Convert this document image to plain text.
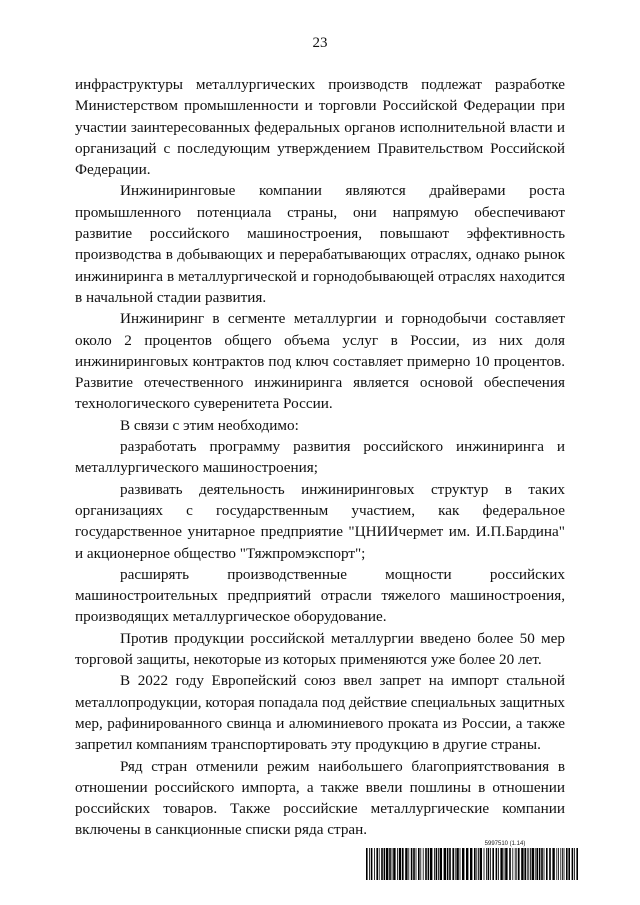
23

инфраструктуры металлургических производств подлежат разработке Министерством промышленности и торговли Российской Федерации при участии заинтересованных федеральных органов исполнительной власти и организаций с последующим утверждением Правительством Российской Федерации.

Инжиниринговые компании являются драйверами роста промышленного потенциала страны, они напрямую обеспечивают развитие российского машиностроения, повышают эффективность производства в добывающих и перерабатывающих отраслях, однако рынок инжиниринга в металлургической и горнодобывающей отраслях находится в начальной стадии развития.

Инжиниринг в сегменте металлургии и горнодобычи составляет около 2 процентов общего объема услуг в России, из них доля инжиниринговых контрактов под ключ составляет примерно 10 процентов. Развитие отечественного инжиниринга является основой обеспечения технологического суверенитета России.

В связи с этим необходимо:

разработать программу развития российского инжиниринга и металлургического машиностроения;

развивать деятельность инжиниринговых структур в таких организациях с государственным участием, как федеральное государственное унитарное предприятие "ЦНИИчермет им. И.П.Бардина" и акционерное общество "Тяжпромэкспорт";

расширять производственные мощности российских машиностроительных предприятий отрасли тяжелого машиностроения, производящих металлургическое оборудование.

Против продукции российской металлургии введено более 50 мер торговой защиты, некоторые из которых применяются уже более 20 лет.

В 2022 году Европейский союз ввел запрет на импорт стальной металлопродукции, которая попадала под действие специальных защитных мер, рафинированного свинца и алюминиевого проката из России, а также запретил компаниям транспортировать эту продукцию в другие страны.

Ряд стран отменили режим наибольшего благоприятствования в отношении российского импорта, а также ввели пошлины в отношении российских товаров. Также российские металлургические компании включены в санкционные списки ряда стран.

5997510 (1.14)
